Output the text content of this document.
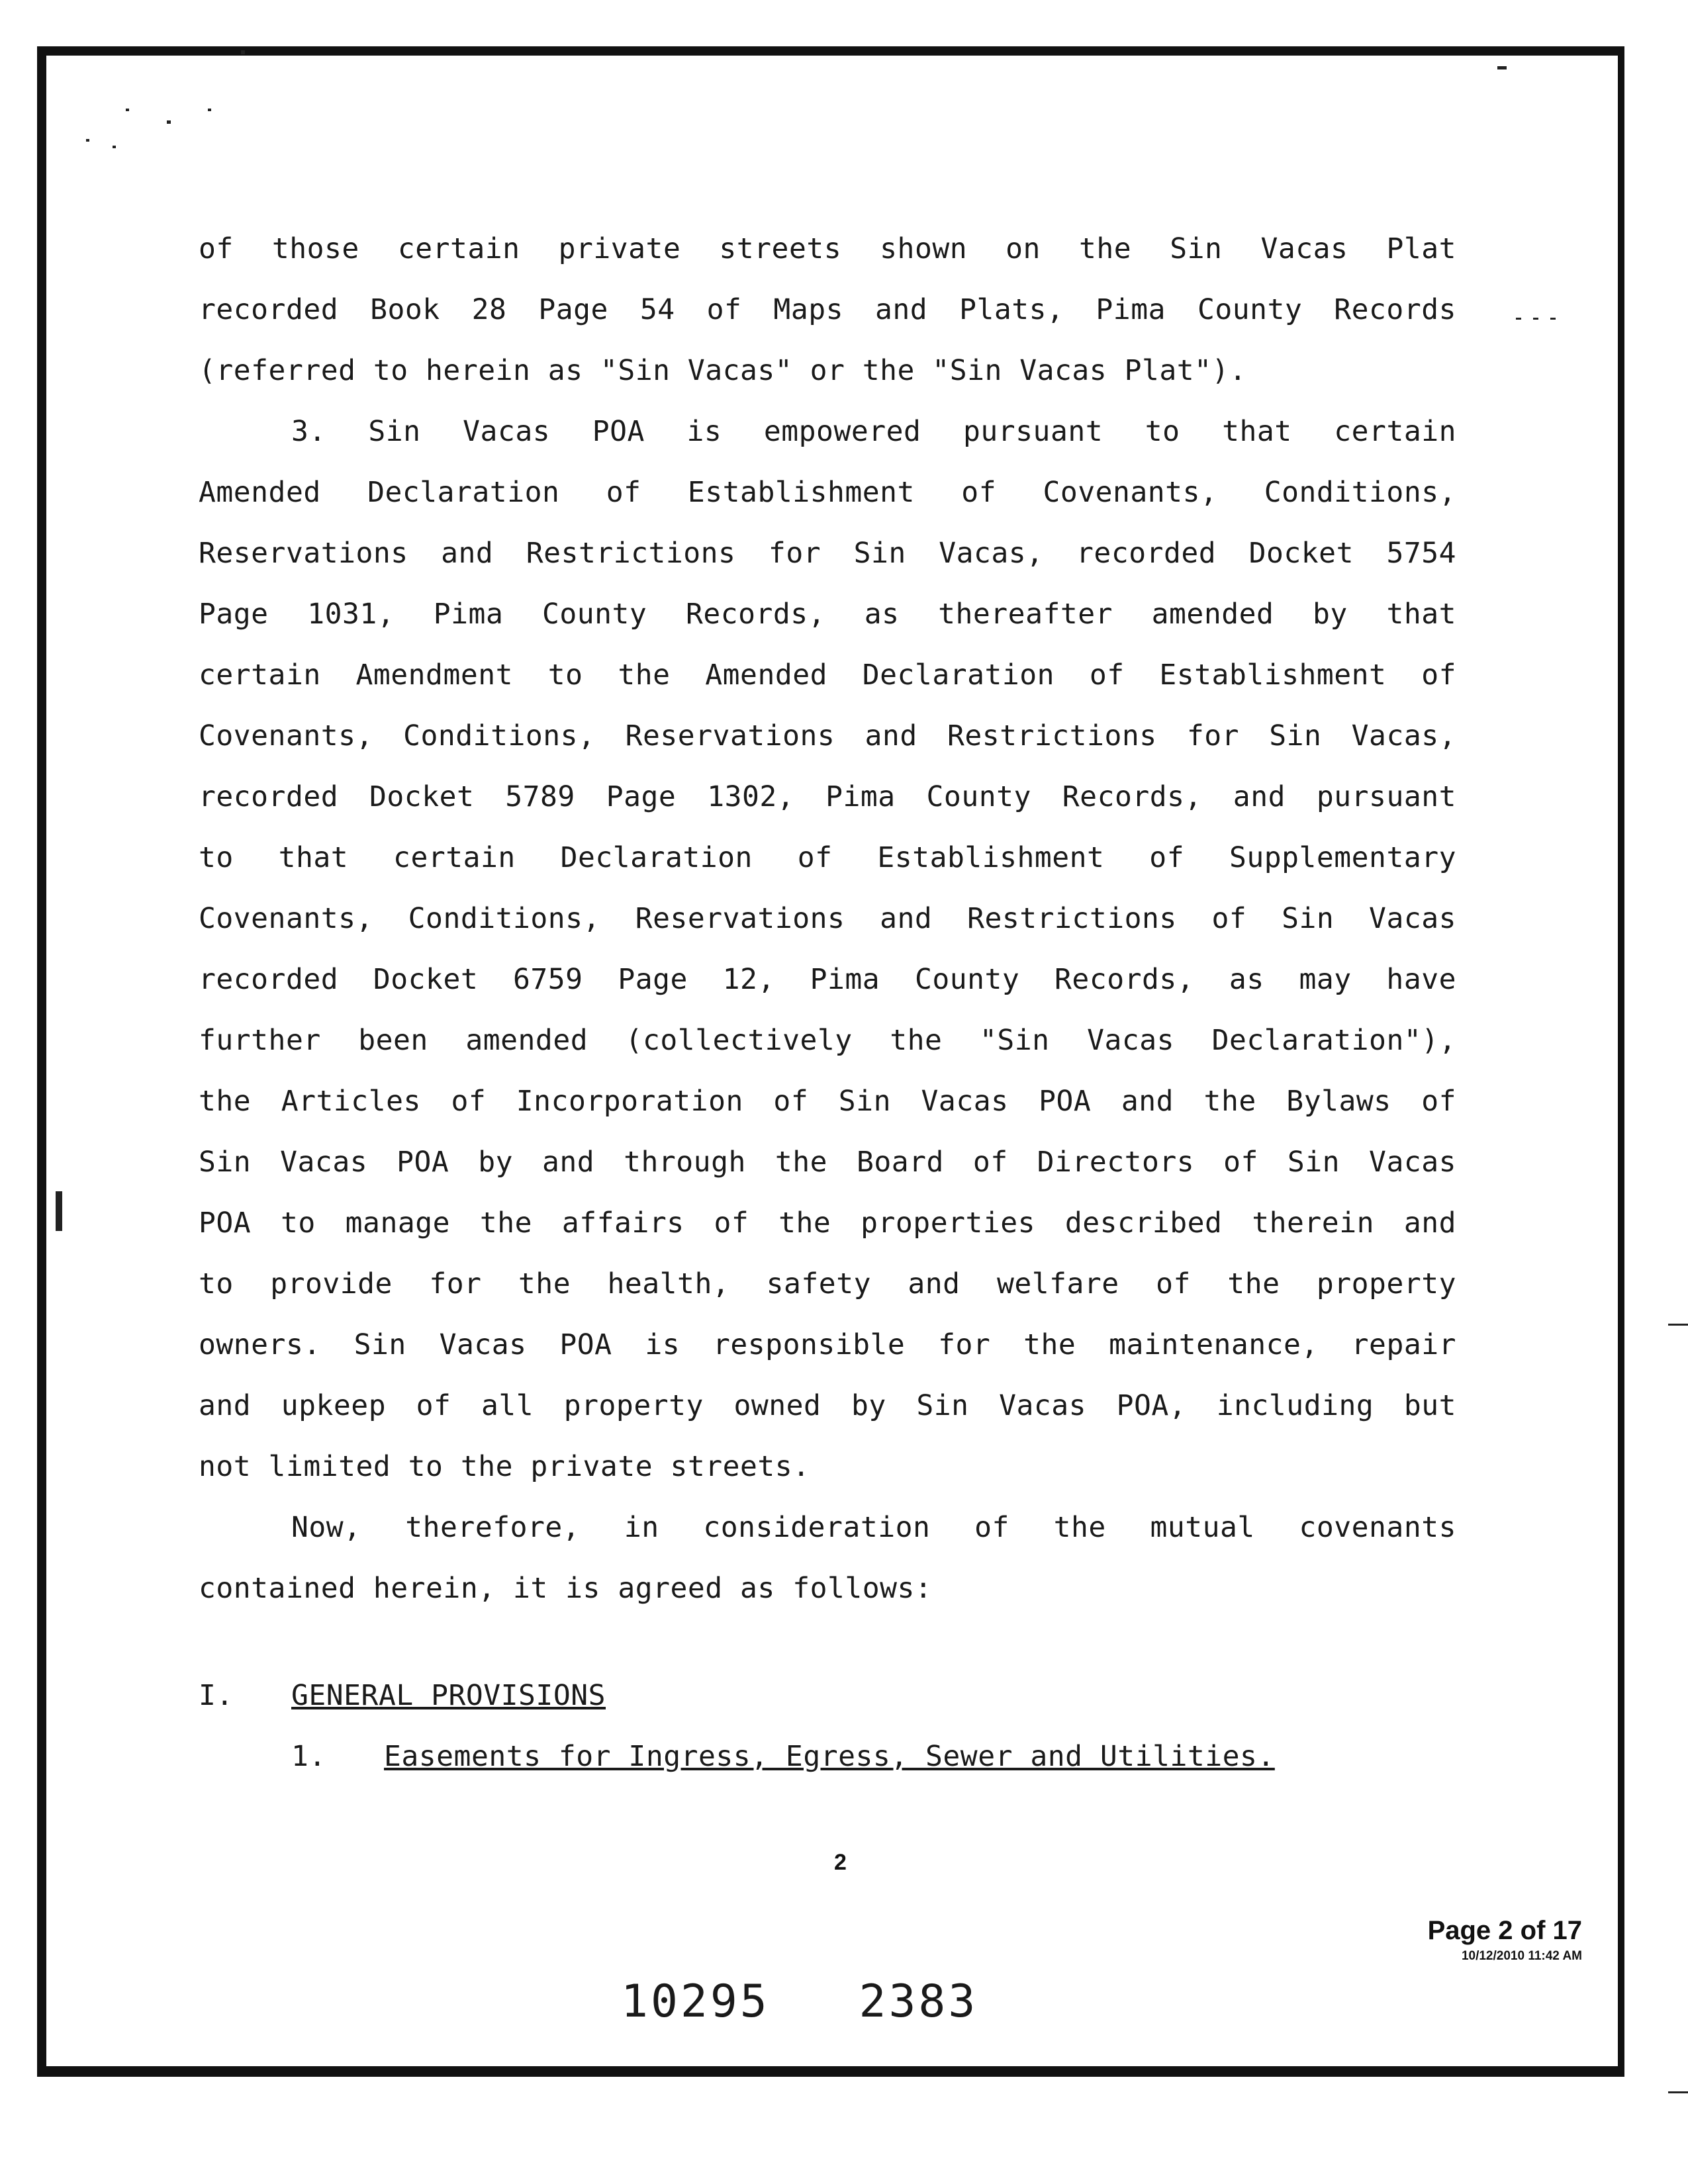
of those certain private streets shown on the Sin Vacas Plat
recorded Book 28 Page 54 of Maps and Plats, Pima County Records
(referred to herein as "Sin Vacas" or the "Sin Vacas Plat").
3. Sin Vacas POA is empowered pursuant to that certain
Amended Declaration of Establishment of Covenants, Conditions,
Reservations and Restrictions for Sin Vacas, recorded Docket 5754
Page 1031, Pima County Records, as thereafter amended by that
certain Amendment to the Amended Declaration of Establishment of
Covenants, Conditions, Reservations and Restrictions for Sin Vacas,
recorded Docket 5789 Page 1302, Pima County Records, and pursuant
to that certain Declaration of Establishment of Supplementary
Covenants, Conditions, Reservations and Restrictions of Sin Vacas
recorded Docket 6759 Page 12, Pima County Records, as may have
further been amended (collectively the "Sin Vacas Declaration"),
the Articles of Incorporation of Sin Vacas POA and the Bylaws of
Sin Vacas POA by and through the Board of Directors of Sin Vacas
POA to manage the affairs of the properties described therein and
to provide for the health, safety and welfare of the property
owners. Sin Vacas POA is responsible for the maintenance, repair
and upkeep of all property owned by Sin Vacas POA, including but
not limited to the private streets.
Now, therefore, in consideration of the mutual covenants
contained herein, it is agreed as follows:
I. GENERAL PROVISIONS
1. Easements for Ingress, Egress, Sewer and Utilities.
2
Page 2 of 17
10/12/2010 11:42 AM
10295   2383
